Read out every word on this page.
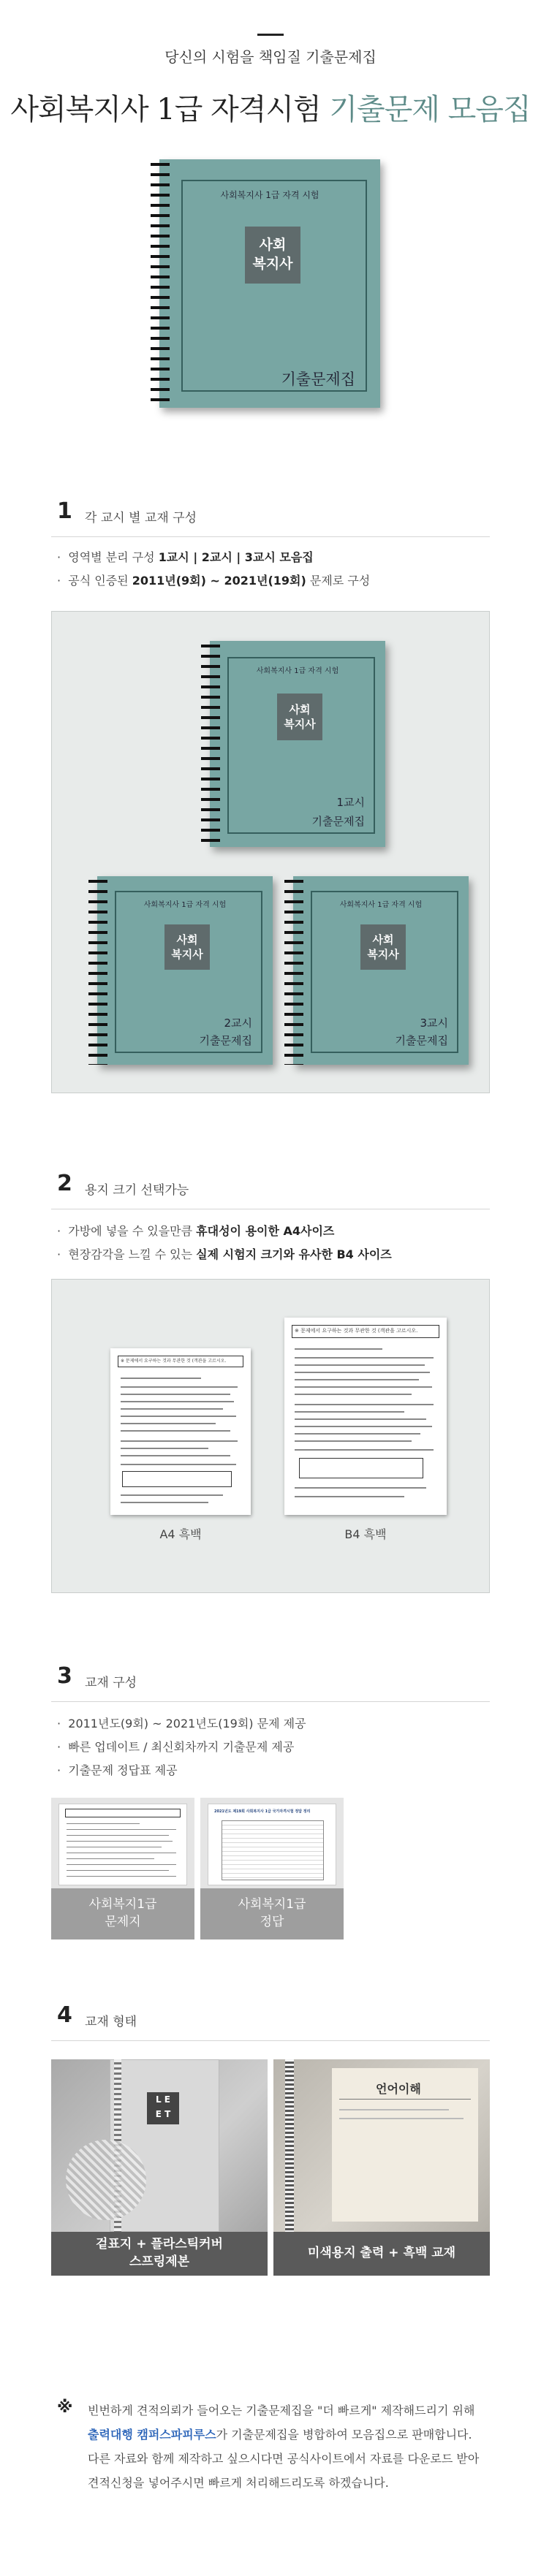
당신의 시험을 책임질 기출문제집
사회복지사 1급 자격시험 기출문제 모음집
사회복지사 1급 자격 시험
사회
복지사
기출문제집
1 각 교시 별 교재 구성
·  영역별 분리 구성 1교시 | 2교시 | 3교시 모음집
·  공식 인증된 2011년(9회) ~ 2021년(19회) 문제로 구성
사회복지사 1급 자격 시험
사회
복지사
1교시
기출문제집
사회복지사 1급 자격 시험
사회
복지사
2교시
기출문제집
사회복지사 1급 자격 시험
사회
복지사
3교시
기출문제집
2 용지 크기 선택가능
·  가방에 넣을 수 있을만큼 휴대성이 용이한 A4사이즈
·  현장감각을 느낄 수 있는 실제 시험지 크기와 유사한 B4 사이즈
※ 문제에서 요구하는 것과 무관한 것 (객관을 고르시오.
A4 흑백
※ 문제에서 요구하는 것과 무관한 것 (객관을 고르시오.
B4 흑백
3 교재 구성
·  2011년도(9회) ~ 2021년도(19회) 문제 제공
·  빠른 업데이트 / 최신회차까지 기출문제 제공
·  기출문제 정답표 제공
사회복지1급
문제지
2021년도 제19회 사회복지사 1급 국가자격시험 정답 정리
사회복지1급
정답
4 교재 형태
L E
E T
겉표지 + 플라스틱커버
스프링제본
언어이해
미색용지 출력 + 흑백 교재
※ 빈번하게 견적의뢰가 들어오는 기출문제집을 "더 빠르게" 제작해드리기 위해
출력대행 캠퍼스파피루스가 기출문제집을 병합하여 모음집으로 판매합니다.
다른 자료와 함께 제작하고 싶으시다면 공식사이트에서 자료를 다운로드 받아
견적신청을 넣어주시면 빠르게 처리해드리도록 하겠습니다.
